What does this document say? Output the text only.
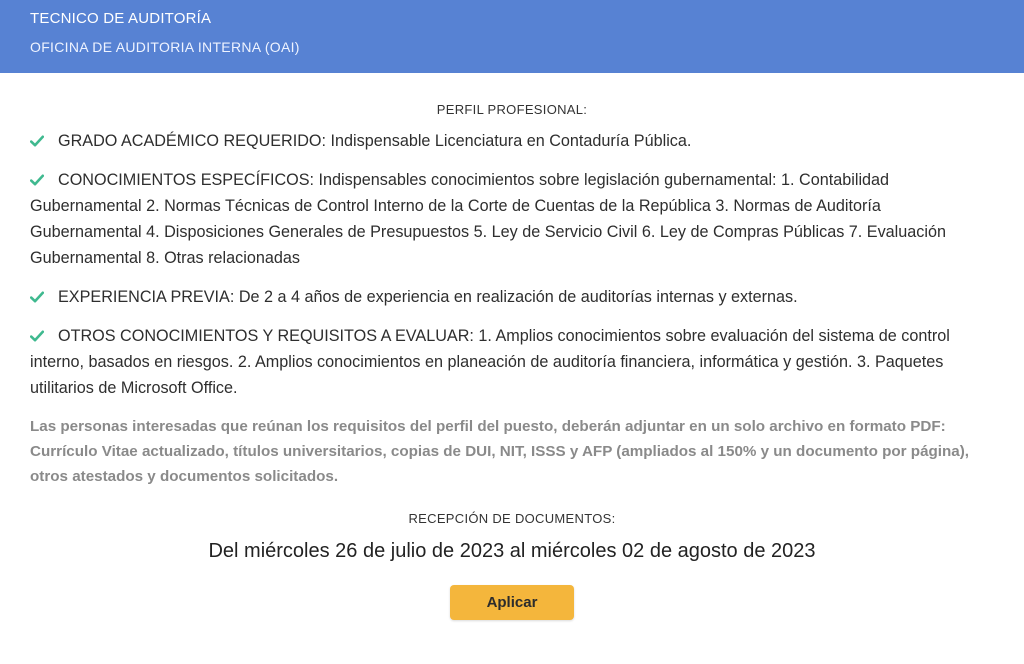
TECNICO DE AUDITORÍA
OFICINA DE AUDITORIA INTERNA (OAI)
PERFIL PROFESIONAL:
GRADO ACADÉMICO REQUERIDO: Indispensable Licenciatura en Contaduría Pública.
CONOCIMIENTOS ESPECÍFICOS: Indispensables conocimientos sobre legislación gubernamental: 1. Contabilidad Gubernamental 2. Normas Técnicas de Control Interno de la Corte de Cuentas de la República 3. Normas de Auditoría Gubernamental 4. Disposiciones Generales de Presupuestos 5. Ley de Servicio Civil 6. Ley de Compras Públicas 7. Evaluación Gubernamental 8. Otras relacionadas
EXPERIENCIA PREVIA: De 2 a 4 años de experiencia en realización de auditorías internas y externas.
OTROS CONOCIMIENTOS Y REQUISITOS A EVALUAR: 1. Amplios conocimientos sobre evaluación del sistema de control interno, basados en riesgos. 2. Amplios conocimientos en planeación de auditoría financiera, informática y gestión. 3. Paquetes utilitarios de Microsoft Office.
Las personas interesadas que reúnan los requisitos del perfil del puesto, deberán adjuntar en un solo archivo en formato PDF: Currículo Vitae actualizado, títulos universitarios, copias de DUI, NIT, ISSS y AFP (ampliados al 150% y un documento por página), otros atestados y documentos solicitados.
RECEPCIÓN DE DOCUMENTOS:
Del miércoles 26 de julio de 2023 al miércoles 02 de agosto de 2023
Aplicar
